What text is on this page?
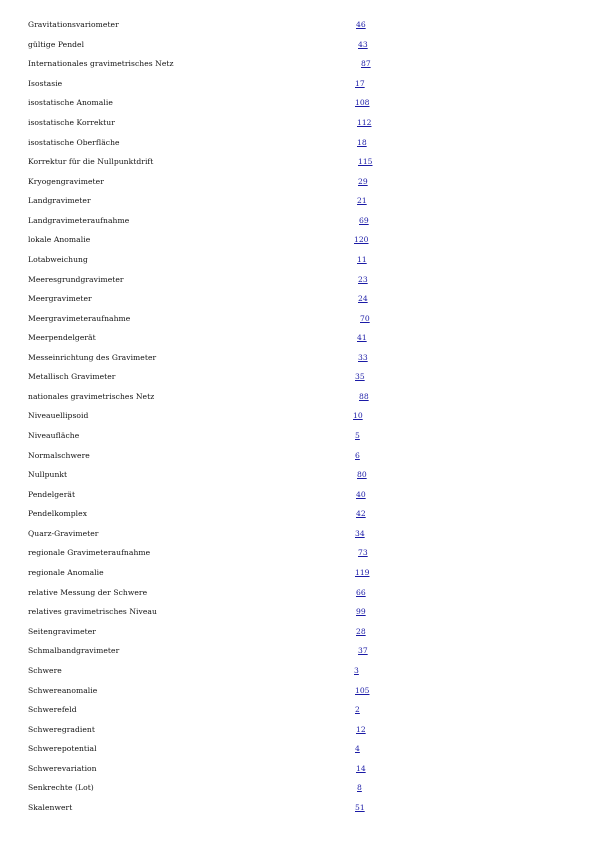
Gravitationsvariometer	46
gültige Pendel	43
Internationales gravimetrisches Netz	87
Isostasie	17
isostatische Anomalie	108
isostatische Korrektur	112
isostatische Oberfläche	18
Korrektur für die Nullpunktdrift	115
Kryogengravimeter	29
Landgravimeter	21
Landgravimeteraufnahme	69
lokale Anomalie	120
Lotabweichung	11
Meeresgrundgravimeter	23
Meergravimeter	24
Meergravimeteraufnahme	70
Meerpendelgerät	41
Messeinrichtung des Gravimeter	33
Metallisch Gravimeter	35
nationales gravimetrisches Netz	88
Niveauellipsoid	10
Niveaufläche	5
Normalschwere	6
Nullpunkt	80
Pendelgerät	40
Pendelkomplex	42
Quarz-Gravimeter	34
regionale Gravimeteraufnahme	73
regionale Anomalie	119
relative Messung der Schwere	66
relatives gravimetrisches Niveau	99
Seitengravimeter	28
Schmalbandgravimeter	37
Schwere	3
Schwereanomalie	105
Schwerefeld	2
Schweregradient	12
Schwerepotential	4
Schwerevariation	14
Senkrechte (Lot)	8
Skalenwert	51
